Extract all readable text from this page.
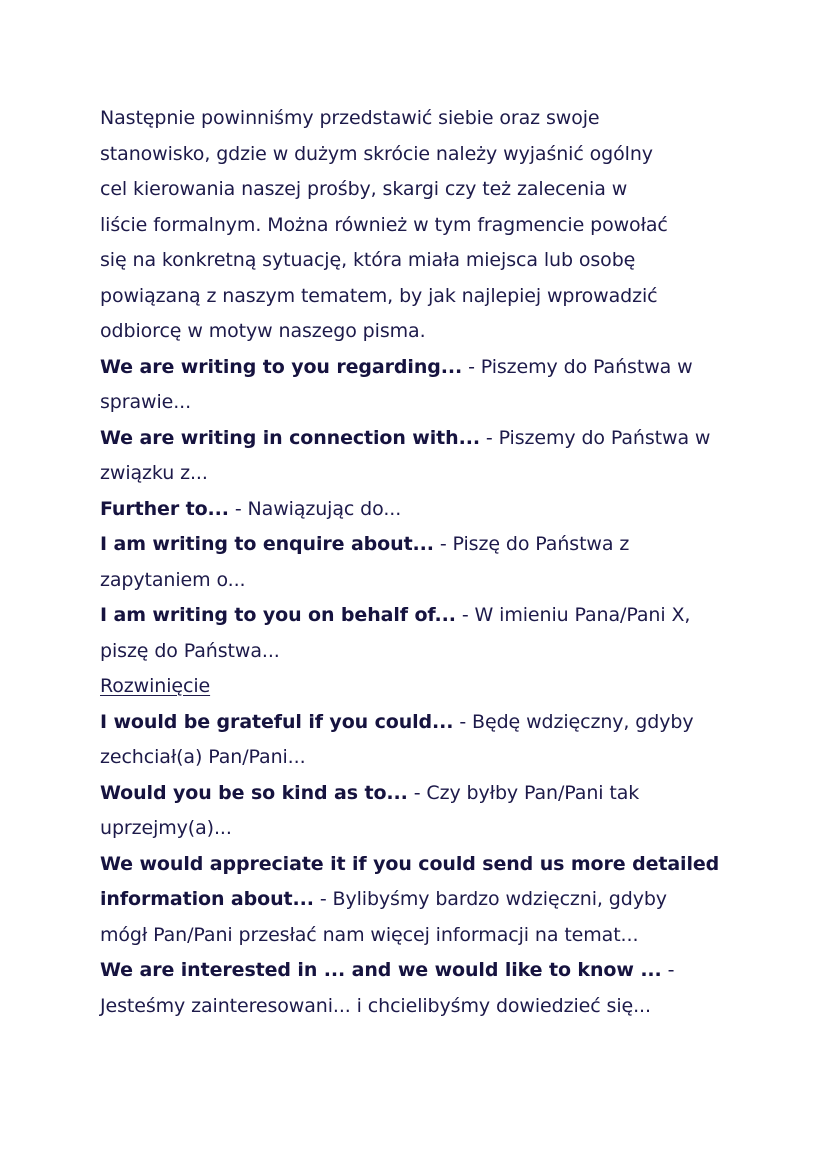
Następnie powinniśmy przedstawić siebie oraz swoje
stanowisko, gdzie w dużym skrócie należy wyjaśnić ogólny
cel kierowania naszej prośby, skargi czy też zalecenia w
liście formalnym. Można również w tym fragmencie powołać
się na konkretną sytuację, która miała miejsca lub osobę
powiązaną z naszym tematem, by jak najlepiej wprowadzić
odbiorcę w motyw naszego pisma.
We are writing to you regarding... - Piszemy do Państwa w
sprawie...
We are writing in connection with... - Piszemy do Państwa w
związku z...
Further to... - Nawiązując do...
I am writing to enquire about... - Piszę do Państwa z
zapytaniem o...
I am writing to you on behalf of... - W imieniu Pana/Pani X,
piszę do Państwa...
Rozwinięcie
I would be grateful if you could... - Będę wdzięczny, gdyby
zechciał(a) Pan/Pani...
Would you be so kind as to... - Czy byłby Pan/Pani tak
uprzejmy(a)...
We would appreciate it if you could send us more detailed
information about... - Bylibyśmy bardzo wdzięczni, gdyby
mógł Pan/Pani przesłać nam więcej informacji na temat...
We are interested in ... and we would like to know ... -
Jesteśmy zainteresowani... i chcielibyśmy dowiedzieć się...
